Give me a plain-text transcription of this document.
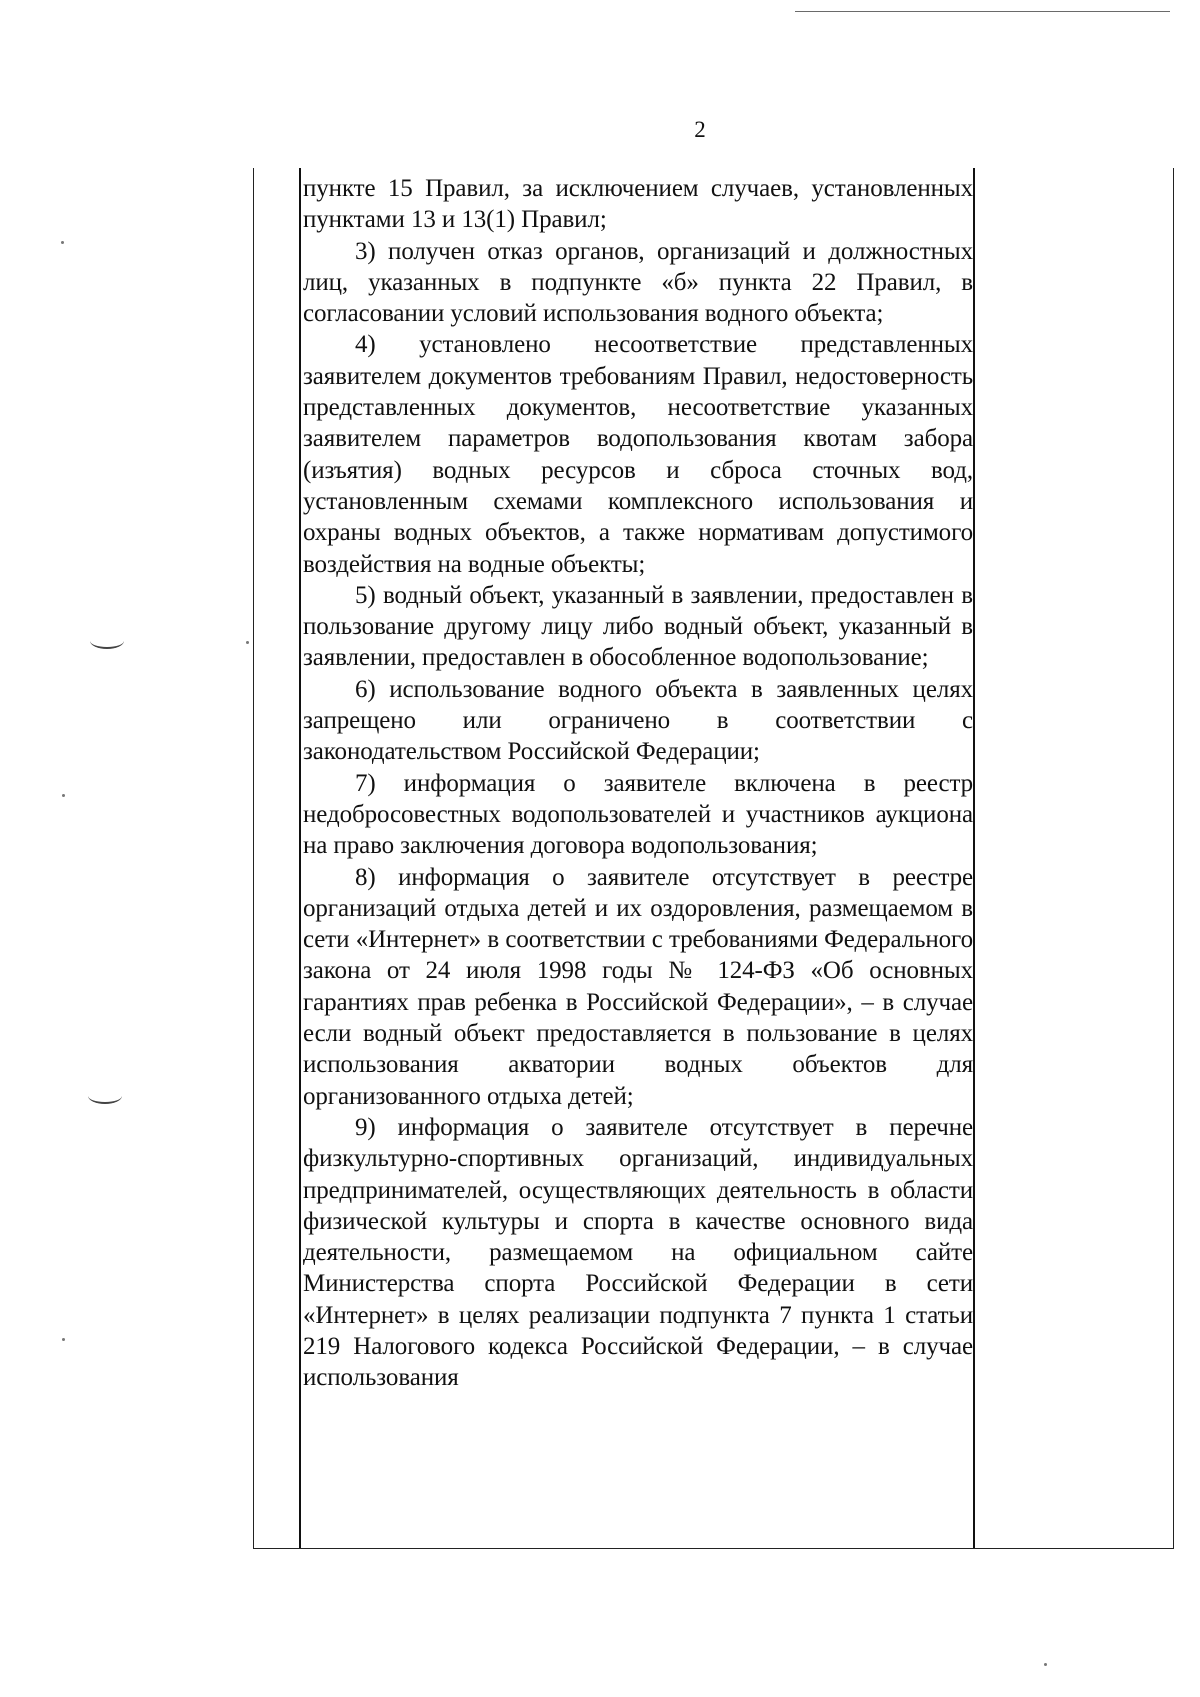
2

пункте 15 Правил, за исключением случаев, установленных пунктами 13 и 13(1) Правил;

3) получен отказ органов, организаций и должностных лиц, указанных в подпункте «б» пункта 22 Правил, в согласовании условий использования водного объекта;

4) установлено несоответствие представленных заявителем документов требованиям Правил, недостоверность представленных документов, несоответствие указанных заявителем параметров водопользования квотам забора (изъятия) водных ресурсов и сброса сточных вод, установленным схемами комплексного использования и охраны водных объектов, а также нормативам допустимого воздействия на водные объекты;

5) водный объект, указанный в заявлении, предоставлен в пользование другому лицу либо водный объект, указанный в заявлении, предоставлен в обособленное водопользование;

6) использование водного объекта в заявленных целях запрещено или ограничено в соответствии с законодательством Российской Федерации;

7) информация о заявителе включена в реестр недобросовестных водопользователей и участников аукциона на право заключения договора водопользования;

8) информация о заявителе отсутствует в реестре организаций отдыха детей и их оздоровления, размещаемом в сети «Интернет» в соответствии с требованиями Федерального закона от 24 июля 1998 годы № 124-ФЗ «Об основных гарантиях прав ребенка в Российской Федерации», – в случае если водный объект предоставляется в пользование в целях использования акватории водных объектов для организованного отдыха детей;

9) информация о заявителе отсутствует в перечне физкультурно-спортивных организаций, индивидуальных предпринимателей, осуществляющих деятельность в области физической культуры и спорта в качестве основного вида деятельности, размещаемом на официальном сайте Министерства спорта Российской Федерации в сети «Интернет» в целях реализации подпункта 7 пункта 1 статьи 219 Налогового кодекса Российской Федерации, – в случае использования
